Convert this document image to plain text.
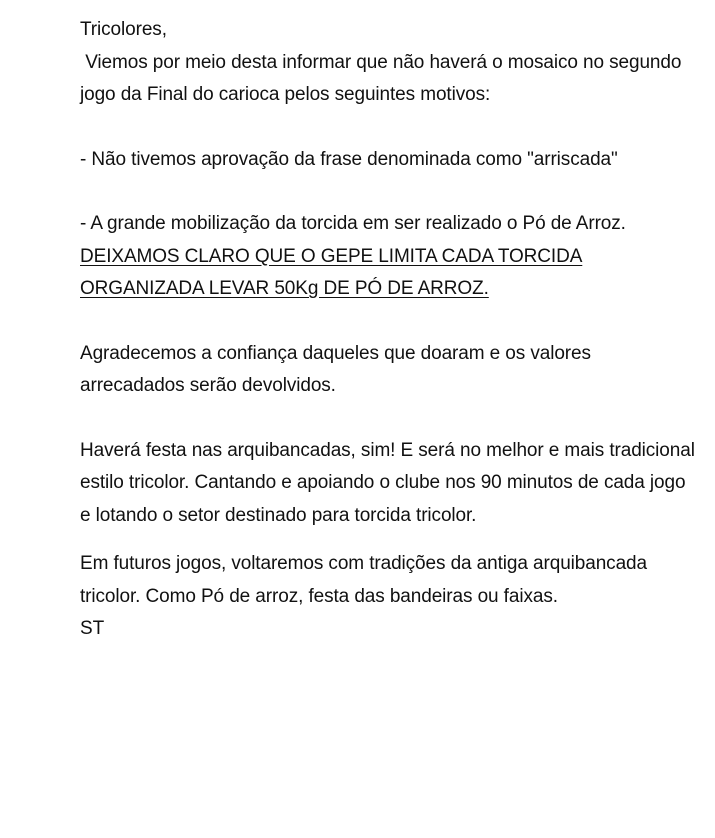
Tricolores,

Viemos por meio desta informar que não haverá o mosaico no segundo jogo da Final do carioca pelos seguintes motivos:

- Não tivemos aprovação da frase denominada como "arriscada"

- A grande mobilização da torcida em ser realizado o Pó de Arroz. DEIXAMOS CLARO QUE O GEPE LIMITA CADA TORCIDA ORGANIZADA LEVAR 50Kg DE PÓ DE ARROZ.

Agradecemos a confiança daqueles que doaram e os valores arrecadados serão devolvidos.

Haverá festa nas arquibancadas, sim! E será no melhor e mais tradicional estilo tricolor. Cantando e apoiando o clube nos 90 minutos de cada jogo e lotando o setor destinado para torcida tricolor.

Em futuros jogos, voltaremos com tradições da antiga arquibancada tricolor. Como Pó de arroz, festa das bandeiras ou faixas.

ST
